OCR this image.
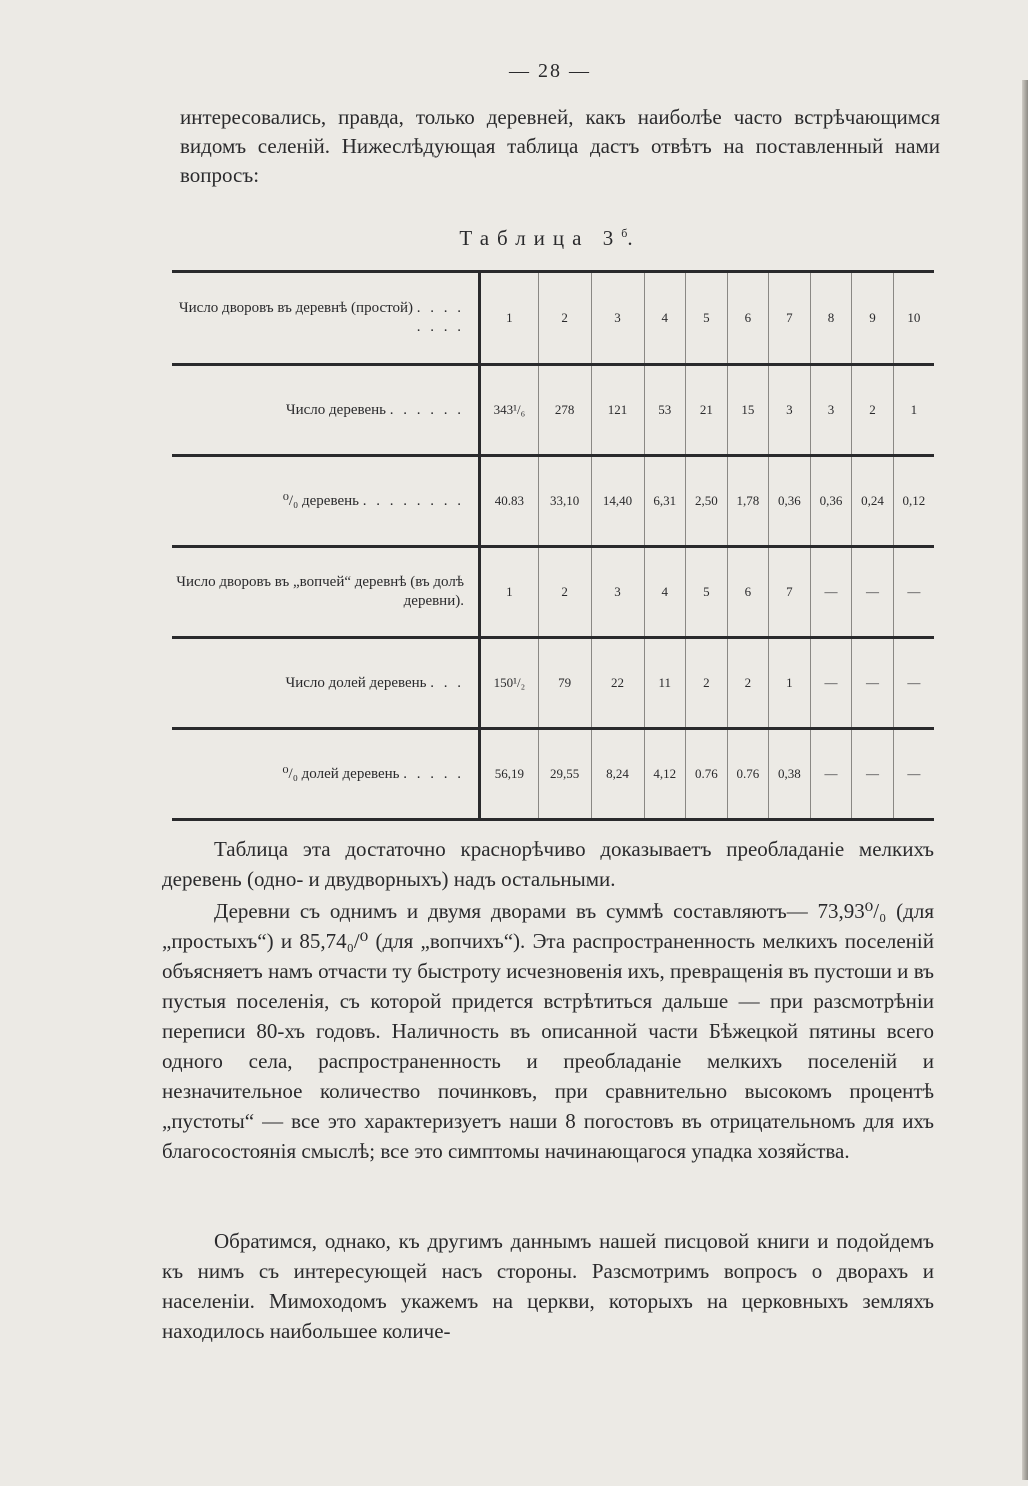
— 28 —
интересовались, правда, только деревней, какъ наиболѣе часто встрѣчающимся видомъ селеній. Нижеслѣдующая таблица дастъ отвѣтъ на поставленный нами вопросъ:
Таблица $3^б$.
Число дворовъ въ деревнѣ (простой) . . . . . . . .	1	2	3	4	5	6	7	8	9	10
Число деревень . . . . . .	343¹/₆	278	121	53	21	15	3	3	2	1
⁰/₀ деревень . . . . . . . .	40.83	33,10	14,40	6,31	2,50	1,78	0,36	0,36	0,24	0,12
Число дворовъ въ „вопчей“ деревнѣ (въ долѣ деревни).	1	2	3	4	5	6	7	—	—	—
Число долей деревень . . .	150¹/₂	79	22	11	2	2	1	—	—	—
⁰/₀ долей деревень . . . . .	56,19	29,55	8,24	4,12	0.76	0.76	0,38	—	—	—
Таблица эта достаточно краснорѣчиво доказываетъ преобладаніе мелкихъ деревень (одно- и двудворныхъ) надъ остальными.
Деревни съ однимъ и двумя дворами въ суммѣ составляютъ— 73,93⁰/₀ (для „простыхъ“) и 85,74₀/⁰ (для „вопчихъ“). Эта распространенность мелкихъ поселеній объясняетъ намъ отчасти ту быстроту исчезновенія ихъ, превращенія въ пустоши и въ пустыя поселенія, съ которой придется встрѣтиться дальше — при разсмотрѣніи переписи 80-хъ годовъ. Наличность въ описанной части Бѣжецкой пятины всего одного села, распространенность и преобладаніе мелкихъ поселеній и незначительное количество починковъ, при сравнительно высокомъ процентѣ „пустоты“ — все это характеризуетъ наши 8 погостовъ въ отрицательномъ для ихъ благосостоянія смыслѣ; все это симптомы начинающагося упадка хозяйства.
Обратимся, однако, къ другимъ даннымъ нашей писцовой книги и подойдемъ къ нимъ съ интересующей насъ стороны. Разсмотримъ вопросъ о дворахъ и населеніи. Мимоходомъ укажемъ на церкви, которыхъ на церковныхъ земляхъ находилось наибольшее количе-
